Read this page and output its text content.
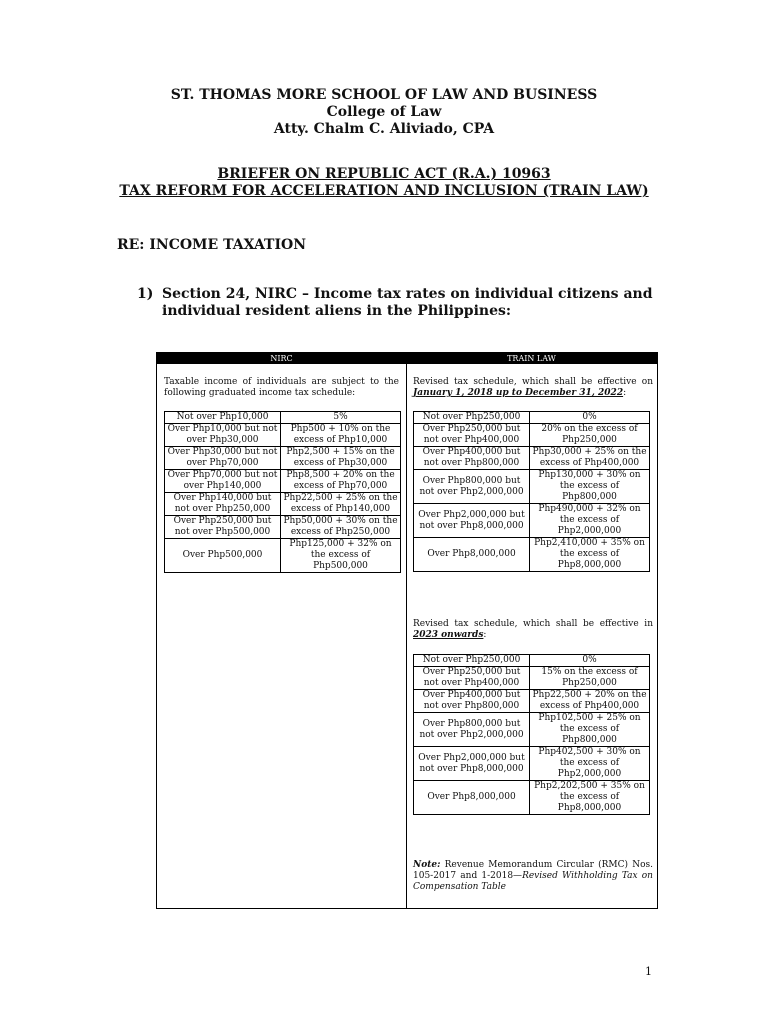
ST. THOMAS MORE SCHOOL OF LAW AND BUSINESS
College of Law
Atty. Chalm C. Aliviado, CPA
BRIEFER ON REPUBLIC ACT (R.A.) 10963
TAX REFORM FOR ACCELERATION AND INCLUSION (TRAIN LAW)
RE: INCOME TAXATION
1) Section 24, NIRC – Income tax rates on individual citizens and individual resident aliens in the Philippines:
NIRC	TRAIN LAW
Taxable income of individuals are subject to the following graduated income tax schedule:
Not over Php10,000	5%
Over Php10,000 but not over Php30,000	Php500 + 10% on the excess of Php10,000
Over Php30,000 but not over Php70,000	Php2,500 + 15% on the excess of Php30,000
Over Php70,000 but not over Php140,000	Php8,500 + 20% on the excess of Php70,000
Over Php140,000 but not over Php250,000	Php22,500 + 25% on the excess of Php140,000
Over Php250,000 but not over Php500,000	Php50,000 + 30% on the excess of Php250,000
Over Php500,000	Php125,000 + 32% on the excess of Php500,000
Revised tax schedule, which shall be effective on January 1, 2018 up to December 31, 2022:
Not over Php250,000	0%
Over Php250,000 but not over Php400,000	20% on the excess of Php250,000
Over Php400,000 but not over Php800,000	Php30,000 + 25% on the excess of Php400,000
Over Php800,000 but not over Php2,000,000	Php130,000 + 30% on the excess of Php800,000
Over Php2,000,000 but not over Php8,000,000	Php490,000 + 32% on the excess of Php2,000,000
Over Php8,000,000	Php2,410,000 + 35% on the excess of Php8,000,000
Revised tax schedule, which shall be effective in 2023 onwards:
Not over Php250,000	0%
Over Php250,000 but not over Php400,000	15% on the excess of Php250,000
Over Php400,000 but not over Php800,000	Php22,500 + 20% on the excess of Php400,000
Over Php800,000 but not over Php2,000,000	Php102,500 + 25% on the excess of Php800,000
Over Php2,000,000 but not over Php8,000,000	Php402,500 + 30% on the excess of Php2,000,000
Over Php8,000,000	Php2,202,500 + 35% on the excess of Php8,000,000
Note: Revenue Memorandum Circular (RMC) Nos. 105-2017 and 1-2018—Revised Withholding Tax on Compensation Table
1
